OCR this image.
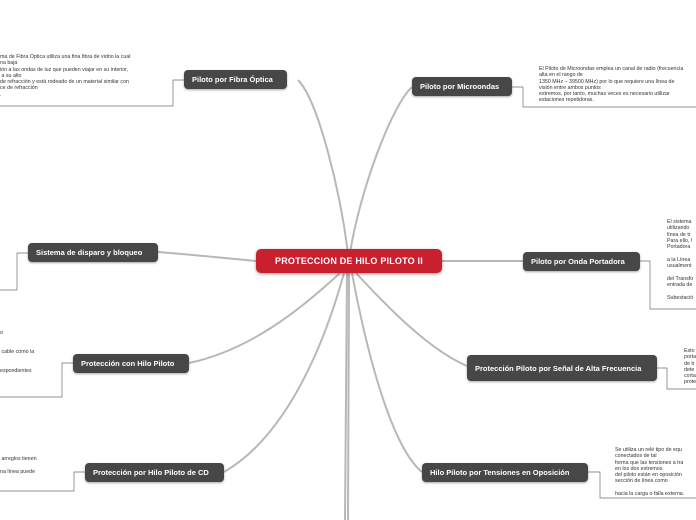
PROTECCION DE HILO PILOTO II
Piloto por Fibra Óptica
Piloto por Microondas
Sistema de disparo y bloqueo
Piloto por Onda Portadora
Protección con Hilo Piloto	Protección Piloto por Señal de Alta Frecuencia
Protección por Hilo Piloto de CD	Hilo Piloto por Tensiones en Oposición
ma de Fibra Óptica utiliza una fina fibra de vidrio la cual
na baja
ión a las ondas de luz que pueden viajar en su interior,
a su alto
de refracción y está rodeado de un material similar con
ce de refracción
.
El Piloto de Microondas emplea un canal de radio (frecuencia
alta en el rango de
1350 MHz – 39500 MHz) por lo que requiere una línea de
visión entre ambos puntos
extremos, por tanto, muchas veces es necesario utilizar
estaciones repetidoras.
El sistema
utilizando
línea de tr
Para ello, l
Portadora

a la Línea
usualment

del Transfo
entrada de

Subestació
o

cable como la

espondientes
Esto
porta
de tr
dete
corta
prote
arreglos tienen

na línea puede
Se utiliza un relé tipo de equ
conectados de tal
forma que las tensiones a tra
en los dos extremos
del piloto están en oposición
sección de línea como

hacia la carga o falla externa.
